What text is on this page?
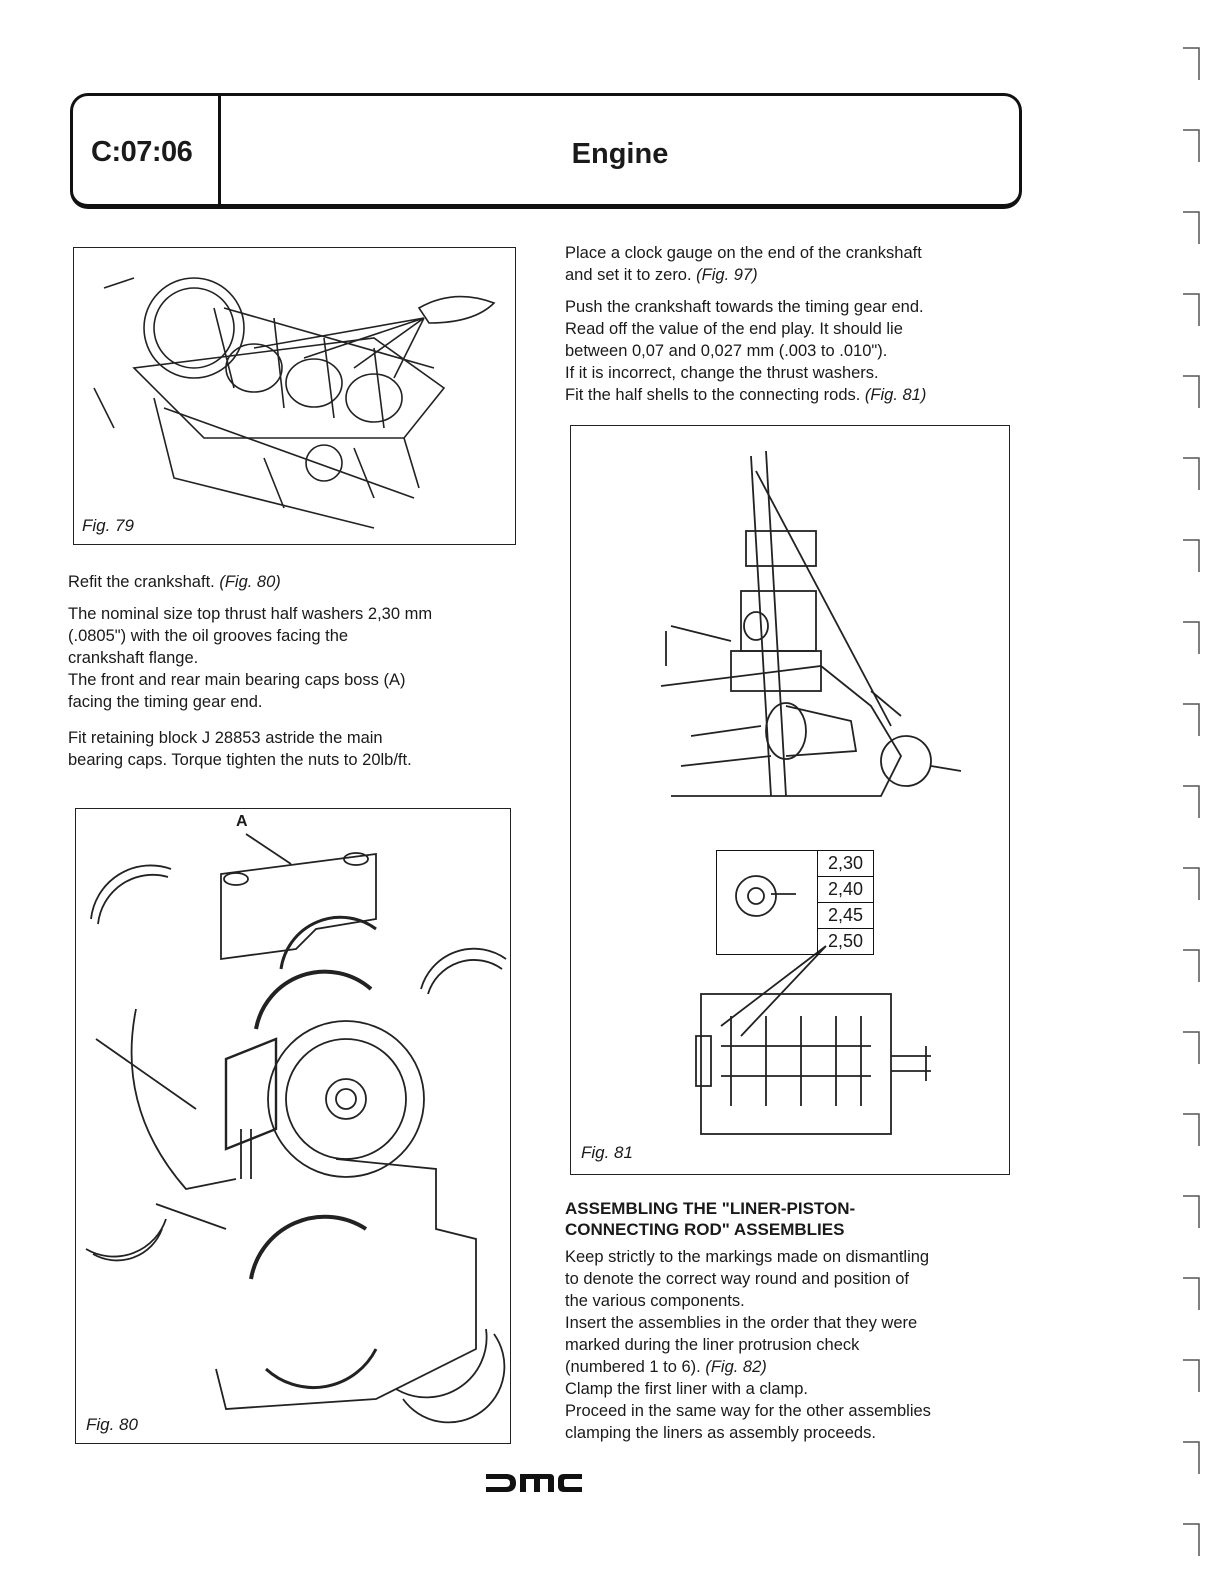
C:07:06	Engine
Fig. 79

Refit the crankshaft. (Fig. 80)

The nominal size top thrust half washers 2,30 mm
(.0805") with the oil grooves facing the
crankshaft flange.
The front and rear main bearing caps boss (A)
facing the timing gear end.

Fit retaining block J 28853 astride the main
bearing caps. Torque tighten the nuts to 20lb/ft.

A
Fig. 80

Place a clock gauge on the end of the crankshaft
and set it to zero. (Fig. 97)

Push the crankshaft towards the timing gear end.
Read off the value of the end play. It should lie
between 0,07 and 0,027 mm (.003 to .010").
If it is incorrect, change the thrust washers.
Fit the half shells to the connecting rods. (Fig. 81)

	2,30
2,40
2,45
2,50
Fig. 81

ASSEMBLING THE "LINER-PISTON-
CONNECTING ROD" ASSEMBLIES

Keep strictly to the markings made on dismantling
to denote the correct way round and position of
the various components.
Insert the assemblies in the order that they were
marked during the liner protrusion check
(numbered 1 to 6). (Fig. 82)
Clamp the first liner with a clamp.
Proceed in the same way for the other assemblies
clamping the liners as assembly proceeds.
